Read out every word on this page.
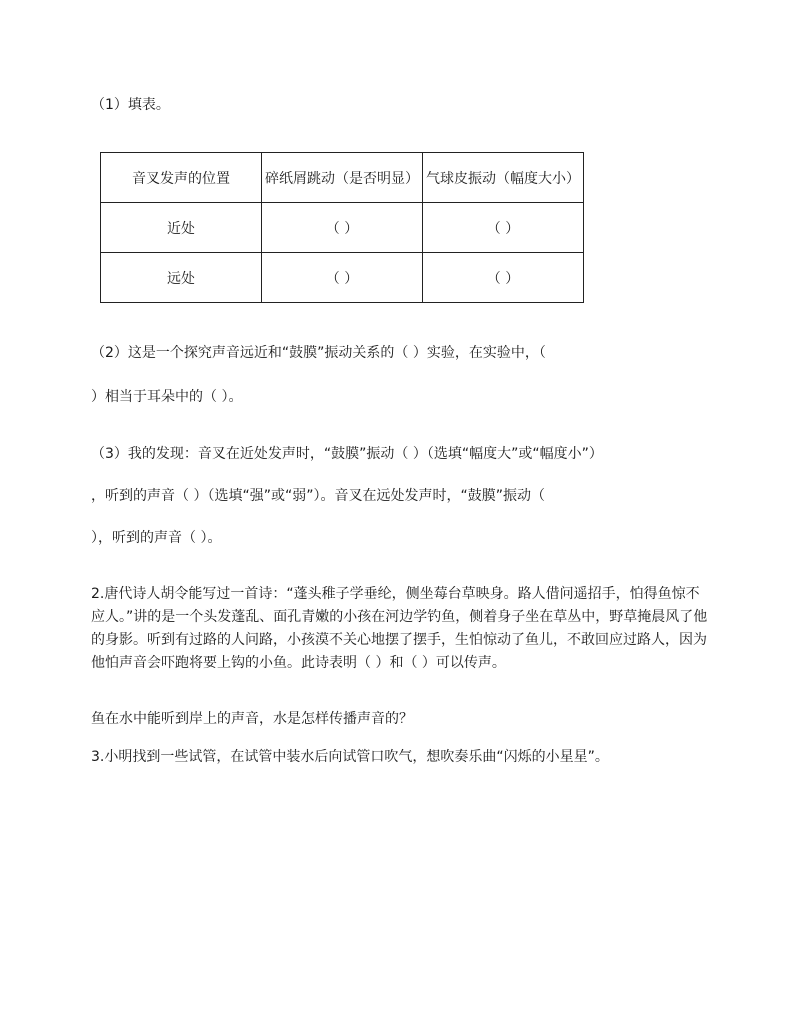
（1）填表。
音叉发声的位置	碎纸屑跳动（是否明显）	气球皮振动（幅度大小）
近处	（ ）	（ ）
远处	（ ）	（ ）
（2）这是一个探究声音远近和“鼓膜”振动关系的（ ）实验，在实验中，（
）相当于耳朵中的（ ）。
（3）我的发现：音叉在近处发声时，“鼓膜”振动（ ）（选填“幅度大”或“幅度小”）
，听到的声音（ ）（选填“强”或“弱”）。音叉在远处发声时，“鼓膜”振动（
），听到的声音（ ）。
2.唐代诗人胡令能写过一首诗：“蓬头稚子学垂纶，侧坐莓台草映身。路人借问遥招手，怕得鱼惊不应人。”讲的是一个头发蓬乱、面孔青嫩的小孩在河边学钓鱼，侧着身子坐在草丛中，野草掩晨风了他的身影。听到有过路的人问路，小孩漠不关心地摆了摆手，生怕惊动了鱼儿，不敢回应过路人，因为他怕声音会吓跑将要上钩的小鱼。此诗表明（ ）和（ ）可以传声。
鱼在水中能听到岸上的声音，水是怎样传播声音的？
3.小明找到一些试管，在试管中装水后向试管口吹气，想吹奏乐曲“闪烁的小星星”。
